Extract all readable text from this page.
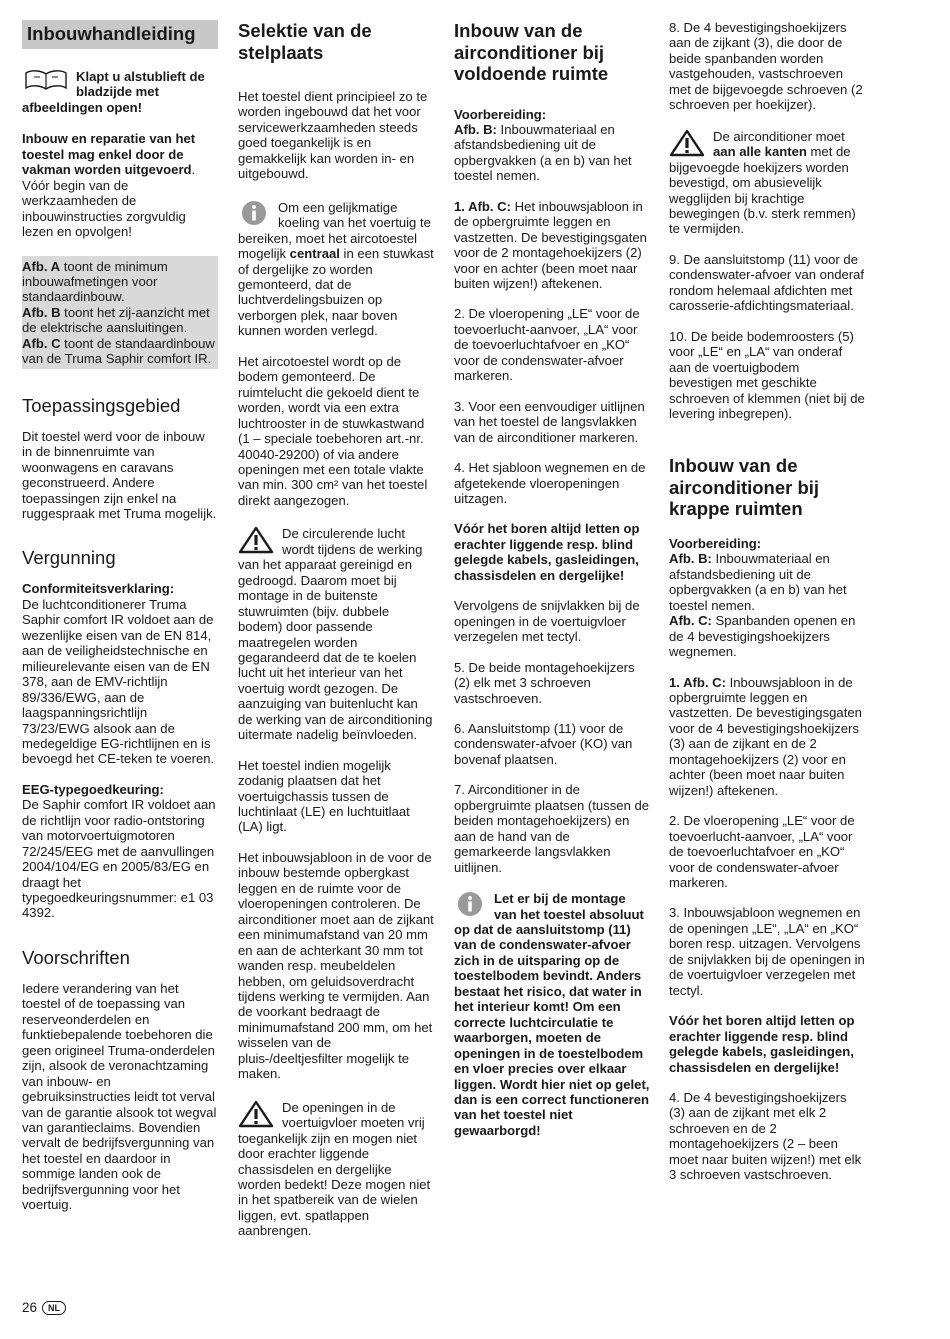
Inbouwhandleiding
Klapt u alstublieft de bladzijde met afbeeldingen open!

Inbouw en reparatie van het toestel mag enkel door de vakman worden uitgevoerd. Vóór begin van de werkzaamheden de inbouwinstructies zorgvuldig lezen en opvolgen!

Afb. A toont de minimum inbouwafmetingen voor standaardinbouw.

Afb. B toont het zij-aanzicht met de elektrische aansluitingen.

Afb. C toont de standaardinbouw van de Truma Saphir comfort IR.

Toepassingsgebied

Dit toestel werd voor de inbouw in de binnenruimte van woonwagens en caravans geconstrueerd. Andere toepassingen zijn enkel na ruggespraak met Truma mogelijk.

Vergunning

Conformiteitsverklaring:
De luchtconditionerer Truma Saphir comfort IR voldoet aan de wezenlijke eisen van de EN 814, aan de veiligheidstechnische en milieurelevante eisen van de EN 378, aan de EMV-richtlijn 89/336/EWG, aan de laagspanningsrichtlijn 73/23/EWG alsook aan de medegeldige EG-richtlijnen en is bevoegd het CE-teken te voeren.

EEG-typegoedkeuring:
De Saphir comfort IR voldoet aan de richtlijn voor radio-ontstoring van motorvoertuigmotoren 72/245/EEG met de aanvullingen 2004/104/EG en 2005/83/EG en draagt het typegoedkeuringsnummer: e1 03 4392.

Voorschriften

Iedere verandering van het toestel of de toepassing van reserveonderdelen en funktiebepalende toebehoren die geen origineel Truma-onderdelen zijn, alsook de veronachtzaming van inbouw- en gebruiksinstructies leidt tot verval van de garantie alsook tot wegval van garantieclaims. Bovendien vervalt de bedrijfsvergunning van het toestel en daardoor in sommige landen ook de bedrijfsvergunning voor het voertuig.

Selektie van de stelplaats

Het toestel dient principieel zo te worden ingebouwd dat het voor servicewerkzaamheden steeds goed toegankelijk is en gemakkelijk kan worden in- en uitgebouwd.

Om een gelijkmatige koeling van het voertuig te bereiken, moet het aircotoestel mogelijk centraal in een stuwkast of dergelijke zo worden gemonteerd, dat de luchtverdelingsbuizen op verborgen plek, naar boven kunnen worden verlegd.

Het aircotoestel wordt op de bodem gemonteerd. De ruimtelucht die gekoeld dient te worden, wordt via een extra luchtrooster in de stuwkastwand (1 – speciale toebehoren art.-nr. 40040-29200) of via andere openingen met een totale vlakte van min. 300 cm² van het toestel direkt aangezogen.

De circulerende lucht wordt tijdens de werking van het apparaat gereinigd en gedroogd. Daarom moet bij montage in de buitenste stuwruimten (bijv. dubbele bodem) door passende maatregelen worden gegarandeerd dat de te koelen lucht uit het interieur van het voertuig wordt gezogen. De aanzuiging van buitenlucht kan de werking van de airconditioning uitermate nadelig beïnvloeden.

Het toestel indien mogelijk zodanig plaatsen dat het voertuigchassis tussen de luchtinlaat (LE) en luchtuitlaat (LA) ligt.

Het inbouwsjabloon in de voor de inbouw bestemde opbergkast leggen en de ruimte voor de vloeropeningen controleren. De airconditioner moet aan de zijkant een minimumafstand van 20 mm en aan de achterkant 30 mm tot wanden resp. meubeldelen hebben, om geluidsoverdracht tijdens werking te vermijden. Aan de voorkant bedraagt de minimumafstand 200 mm, om het wisselen van de pluis-/deeltjesfilter mogelijk te maken.

De openingen in de voertuigvloer moeten vrij toegankelijk zijn en mogen niet door erachter liggende chassisdelen en dergelijke worden bedekt! Deze mogen niet in het spatbereik van de wielen liggen, evt. spatlappen aanbrengen.

Inbouw van de airconditioner bij voldoende ruimte

Voorbereiding:
Afb. B: Inbouwmateriaal en afstandsbediening uit de opbergvakken (a en b) van het toestel nemen.

1. Afb. C: Het inbouwsjabloon in de opbergruimte leggen en vastzetten. De bevestigingsgaten voor de 2 montagehoekijzers (2) voor en achter (been moet naar buiten wijzen!) aftekenen.

2. De vloeropening „LE“ voor de toevoerlucht-aanvoer, „LA“ voor de toevoerluchtafvoer en „KO“ voor de condenswater-afvoer markeren.

3. Voor een eenvoudiger uitlijnen van het toestel de langsvlakken van de airconditioner markeren.

4. Het sjabloon wegnemen en de afgetekende vloeropeningen uitzagen.

Vóór het boren altijd letten op erachter liggende resp. blind gelegde kabels, gasleidingen, chassisdelen en dergelijke!

Vervolgens de snijvlakken bij de openingen in de voertuigvloer verzegelen met tectyl.

5. De beide montagehoekijzers (2) elk met 3 schroeven vastschroeven.

6. Aansluitstomp (11) voor de condenswater-afvoer (KO) van bovenaf plaatsen.

7. Airconditioner in de opbergruimte plaatsen (tussen de beiden montagehoekijzers) en aan de hand van de gemarkeerde langsvlakken uitlijnen.

Let er bij de montage van het toestel absoluut op dat de aansluitstomp (11) van de condenswater-afvoer zich in de uitsparing op de toestelbodem bevindt. Anders bestaat het risico, dat water in het interieur komt! Om een correcte luchtcirculatie te waarborgen, moeten de openingen in de toestelbodem en vloer precies over elkaar liggen. Wordt hier niet op gelet, dan is een correct functioneren van het toestel niet gewaarborgd!

8. De 4 bevestigingshoekijzers aan de zijkant (3), die door de beide spanbanden worden vastgehouden, vastschroeven met de bijgevoegde schroeven (2 schroeven per hoekijzer).

De airconditioner moet aan alle kanten met de bijgevoegde hoekijzers worden bevestigd, om abusievelijk wegglijden bij krachtige bewegingen (b.v. sterk remmen) te vermijden.

9. De aansluitstomp (11) voor de condenswater-afvoer van onderaf rondom helemaal afdichten met carosserie-afdichtingsmateriaal.

10. De beide bodemroosters (5) voor „LE“ en „LA“ van onderaf aan de voertuigbodem bevestigen met geschikte schroeven of klemmen (niet bij de levering inbegrepen).

Inbouw van de airconditioner bij krappe ruimten

Voorbereiding:
Afb. B: Inbouwmateriaal en afstandsbediening uit de opbergvakken (a en b) van het toestel nemen.
Afb. C: Spanbanden openen en de 4 bevestigingshoekijzers wegnemen.

1. Afb. C: Inbouwsjabloon in de opbergruimte leggen en vastzetten. De bevestigingsgaten voor de 4 bevestigingshoekijzers (3) aan de zijkant en de 2 montagehoekijzers (2) voor en achter (been moet naar buiten wijzen!) aftekenen.

2. De vloeropening „LE“ voor de toevoerlucht-aanvoer, „LA“ voor de toevoerluchtafvoer en „KO“ voor de condenswater-afvoer markeren.

3. Inbouwsjabloon wegnemen en de openingen „LE“, „LA“ en „KO“ boren resp. uitzagen. Vervolgens de snijvlakken bij de openingen in de voertuigvloer verzegelen met tectyl.

Vóór het boren altijd letten op erachter liggende resp. blind gelegde kabels, gasleidingen, chassisdelen en dergelijke!

4. De 4 bevestigingshoekijzers (3) aan de zijkant met elk 2 schroeven en de 2 montagehoekijzers (2 – been moet naar buiten wijzen!) met elk 3 schroeven vastschroeven.

26	NL
